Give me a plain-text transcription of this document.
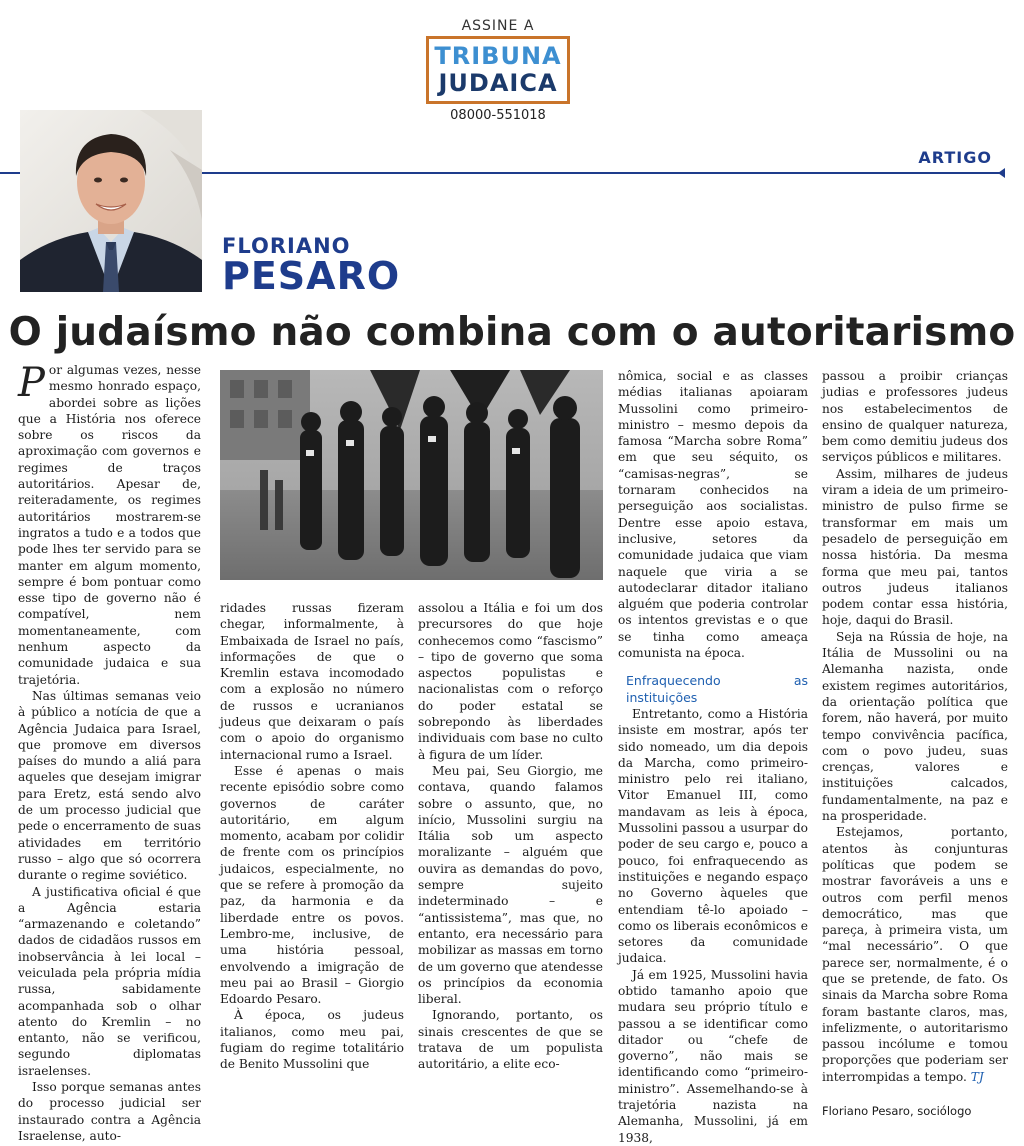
ASSINE A
TRIBUNA
JUDAICA
08000-551018
ARTIGO
FLORIANO
PESARO
O judaísmo não combina com o autoritarismo

Por algumas vezes, nesse mesmo honrado espaço, abordei sobre as lições que a História nos oferece sobre os riscos da aproximação com governos e regimes de traços autoritários. Apesar de, reiteradamente, os regimes autoritários mostrarem-se ingratos a tudo e a todos que pode lhes ter servido para se manter em algum momento, sempre é bom pontuar como esse tipo de governo não é compatível, nem momentaneamente, com nenhum aspecto da comunidade judaica e sua trajetória.

Nas últimas semanas veio à público a notícia de que a Agência Judaica para Israel, que promove em diversos países do mundo a aliá para aqueles que desejam imigrar para Eretz, está sendo alvo de um processo judicial que pede o encerramento de suas atividades em território russo – algo que só ocorrera durante o regime soviético.

A justificativa oficial é que a Agência estaria “armazenando e coletando” dados de cidadãos russos em inobservância à lei local – veiculada pela própria mídia russa, sabidamente acompanhada sob o olhar atento do Kremlin – no entanto, não se verificou, segundo diplomatas israelenses.

Isso porque semanas antes do processo judicial ser instaurado contra a Agência Israelense, auto-

ridades russas fizeram chegar, informalmente, à Embaixada de Israel no país, informações de que o Kremlin estava incomodado com a explosão no número de russos e ucranianos judeus que deixaram o país com o apoio do organismo internacional rumo a Israel.

Esse é apenas o mais recente episódio sobre como governos de caráter autoritário, em algum momento, acabam por colidir de frente com os princípios judaicos, especialmente, no que se refere à promoção da paz, da harmonia e da liberdade entre os povos. Lembro-me, inclusive, de uma história pessoal, envolvendo a imigração de meu pai ao Brasil – Giorgio Edoardo Pesaro.

À época, os judeus italianos, como meu pai, fugiam do regime totalitário de Benito Mussolini que

assolou a Itália e foi um dos precursores do que hoje conhecemos como “fascismo” – tipo de governo que soma aspectos populistas e nacionalistas com o reforço do poder estatal se sobrepondo às liberdades individuais com base no culto à figura de um líder.

Meu pai, Seu Giorgio, me contava, quando falamos sobre o assunto, que, no início, Mussolini surgiu na Itália sob um aspecto moralizante – alguém que ouvira as demandas do povo, sempre sujeito indeterminado – e “antissistema”, mas que, no entanto, era necessário para mobilizar as massas em torno de um governo que atendesse os princípios da economia liberal.

Ignorando, portanto, os sinais crescentes de que se tratava de um populista autoritário, a elite eco-

nômica, social e as classes médias italianas apoiaram Mussolini como primeiro-ministro – mesmo depois da famosa “Marcha sobre Roma” em que seu séquito, os “camisas-negras”, se tornaram conhecidos na perseguição aos socialistas. Dentre esse apoio estava, inclusive, setores da comunidade judaica que viam naquele que viria a se autodeclarar ditador italiano alguém que poderia controlar os intentos grevistas e o que se tinha como ameaça comunista na época.

Enfraquecendo as instituições

Entretanto, como a História insiste em mostrar, após ter sido nomeado, um dia depois da Marcha, como primeiro-ministro pelo rei italiano, Vitor Emanuel III, como mandavam as leis à época, Mussolini passou a usurpar do poder de seu cargo e, pouco a pouco, foi enfraquecendo as instituições e negando espaço no Governo àqueles que entendiam tê-lo apoiado – como os liberais econômicos e setores da comunidade judaica.

Já em 1925, Mussolini havia obtido tamanho apoio que mudara seu próprio título e passou a se identificar como ditador ou “chefe de governo”, não mais se identificando como “primeiro-ministro”. Assemelhando-se à trajetória nazista na Alemanha, Mussolini, já em 1938,

passou a proibir crianças judias e professores judeus nos estabelecimentos de ensino de qualquer natureza, bem como demitiu judeus dos serviços públicos e militares.

Assim, milhares de judeus viram a ideia de um primeiro-ministro de pulso firme se transformar em mais um pesadelo de perseguição em nossa história. Da mesma forma que meu pai, tantos outros judeus italianos podem contar essa história, hoje, daqui do Brasil.

Seja na Rússia de hoje, na Itália de Mussolini ou na Alemanha nazista, onde existem regimes autoritários, da orientação política que forem, não haverá, por muito tempo convivência pacífica, com o povo judeu, suas crenças, valores e instituições calcados, fundamentalmente, na paz e na prosperidade.

Estejamos, portanto, atentos às conjunturas políticas que podem se mostrar favoráveis a uns e outros com perfil menos democrático, mas que pareça, à primeira vista, um “mal necessário”. O que parece ser, normalmente, é o que se pretende, de fato. Os sinais da Marcha sobre Roma foram bastante claros, mas, infelizmente, o autoritarismo passou incólume e tomou proporções que poderiam ser interrompidas a tempo. TJ

Floriano Pesaro, sociólogo
